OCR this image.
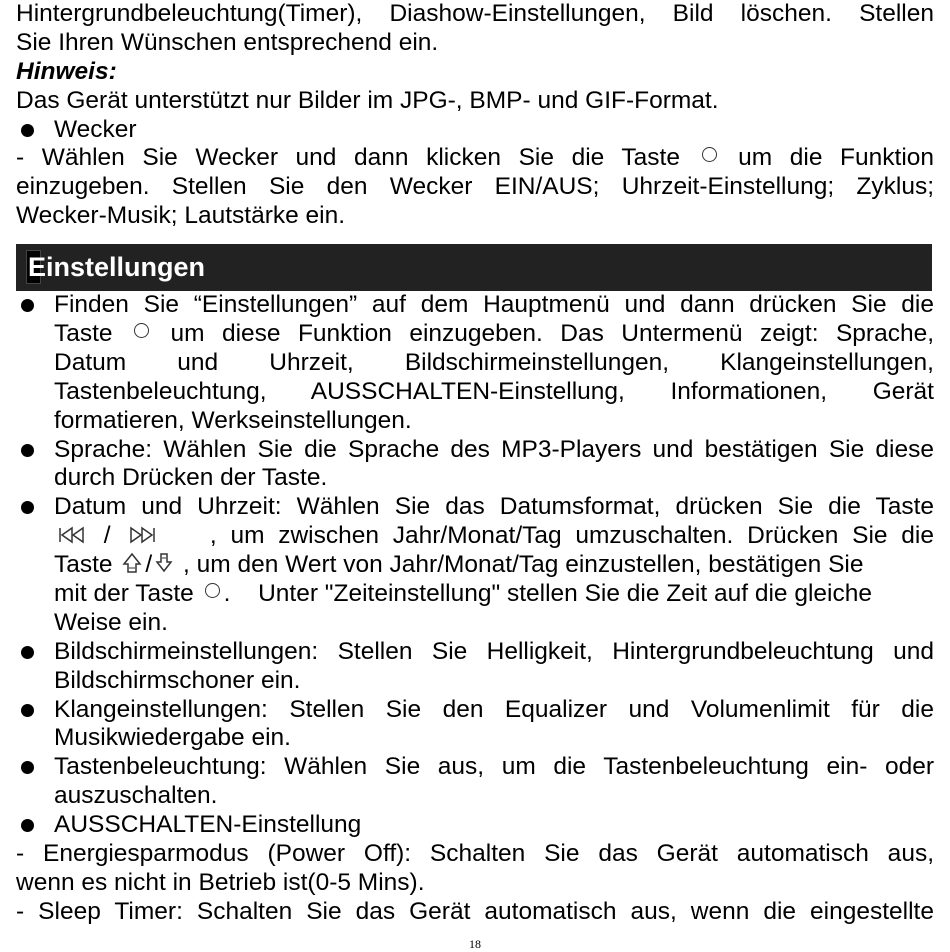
Hintergrundbeleuchtung(Timer), Diashow-Einstellungen, Bild löschen. Stellen
Sie Ihren Wünschen entsprechend ein.
Hinweis:
Das Gerät unterstützt nur Bilder im JPG-, BMP- und GIF-Format.
Wecker
- Wählen Sie Wecker und dann klicken Sie die Taste um die Funktion
einzugeben. Stellen Sie den Wecker EIN/AUS; Uhrzeit-Einstellung; Zyklus;
Wecker-Musik; Lautstärke ein.
Einstellungen
Finden Sie “Einstellungen” auf dem Hauptmenü und dann drücken Sie die
Taste um diese Funktion einzugeben. Das Untermenü zeigt: Sprache,
Datum und Uhrzeit, Bildschirmeinstellungen, Klangeinstellungen,
Tastenbeleuchtung, AUSSCHALTEN-Einstellung, Informationen, Gerät
formatieren, Werkseinstellungen.
Sprache: Wählen Sie die Sprache des MP3-Players und bestätigen Sie diese
durch Drücken der Taste.
Datum und Uhrzeit: Wählen Sie das Datumsformat, drücken Sie die Taste
/	, um zwischen Jahr/Monat/Tag umzuschalten. Drücken Sie die
Taste / , um den Wert von Jahr/Monat/Tag einzustellen, bestätigen Sie
mit der Taste . Unter "Zeiteinstellung" stellen Sie die Zeit auf die gleiche
Weise ein.
Bildschirmeinstellungen: Stellen Sie Helligkeit, Hintergrundbeleuchtung und
Bildschirmschoner ein.
Klangeinstellungen: Stellen Sie den Equalizer und Volumenlimit für die
Musikwiedergabe ein.
Tastenbeleuchtung: Wählen Sie aus, um die Tastenbeleuchtung ein- oder
auszuschalten.
AUSSCHALTEN-Einstellung
- Energiesparmodus (Power Off): Schalten Sie das Gerät automatisch aus,
wenn es nicht in Betrieb ist(0-5 Mins).
- Sleep Timer: Schalten Sie das Gerät automatisch aus, wenn die eingestellte
18
